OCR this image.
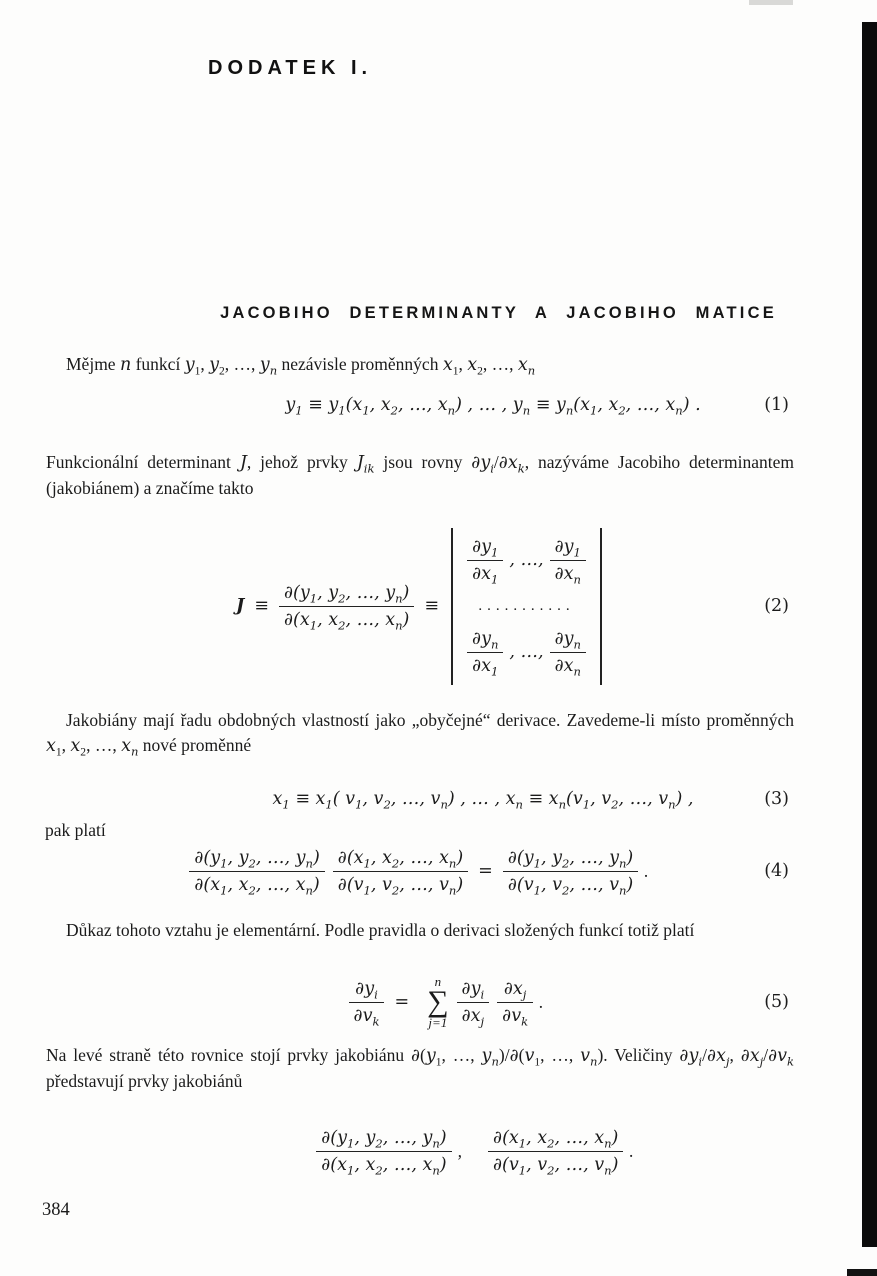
DODATEK I.
JACOBIHO DETERMINANTY A JACOBIHO MATICE
Mějme n funkcí $y_1$, $y_2$, …, $y_n$ nezávisle proměnných $x_1$, $x_2$, …, $x_n$
$y_1 \equiv y_1(x_1$, $x_2$, …, $x_n$) , … , $y_n \equiv y_n(x_1$, $x_2$, …, $x_n$) .	(1)
Funkcionální determinant J, jehož prvky $J_{ik}$ jsou rovny $\partial y_i/\partial x_k$, nazýváme Jacobiho determinantem (jakobiánem) a značíme takto
$J \equiv \frac{\partial(y_1, y_2, \dots, y_n)}{\partial(x_1, x_2, \dots, x_n)}$ ≡
$\frac{\partial y_1}{\partial x_1}$ , …, $\frac{\partial y_1}{\partial x_n}$
...........
$\frac{\partial y_n}{\partial x_1}$ , …, $\frac{\partial y_n}{\partial x_n}$
(2)
Jakobiány mají řadu obdobných vlastností jako „obyčejné“ derivace. Zavedeme-li místo proměnných $x_1$, $x_2$, …, $x_n$ nové proměnné
$x_1 \equiv x_1$( $v_1$, $v_2$, …, $v_n$) , … , $x_n \equiv x_n(v_1$, $v_2$, …, $v_n$) ,	(3)
pak platí
$\frac{\partial(y_1, y_2, \dots, y_n)}{\partial(x_1, x_2, \dots, x_n)} \frac{\partial(x_1, x_2, \dots, x_n)}{\partial(v_1, v_2, \dots, v_n)} = \frac{\partial(y_1, y_2, \dots, y_n)}{\partial(v_1, v_2, \dots, v_n)}$ .	(4)
Důkaz tohoto vztahu je elementární. Podle pravidla o derivaci složených funkcí totiž platí
$\frac{\partial y_i}{\partial v_k}$ =
n
∑
$j=1 \frac{\partial y_i}{\partial x_j} \frac{\partial x_j}{\partial v_k}$ .	(5)
Na levé straně této rovnice stojí prvky jakobiánu $\partial(y_1$, …, $y_n)/\partial(v_1$, …, $v_n$). Veličiny $\partial y_i/\partial x_j$, $\partial x_j/\partial v_k$ představují prvky jakobiánů
$\frac{\partial(y_1, y_2, \dots, y_n)}{\partial(x_1, x_2, \dots, x_n)}$ , $\frac{\partial(x_1, x_2, \dots, x_n)}{\partial(v_1, v_2, \dots, v_n)}$ .
384
